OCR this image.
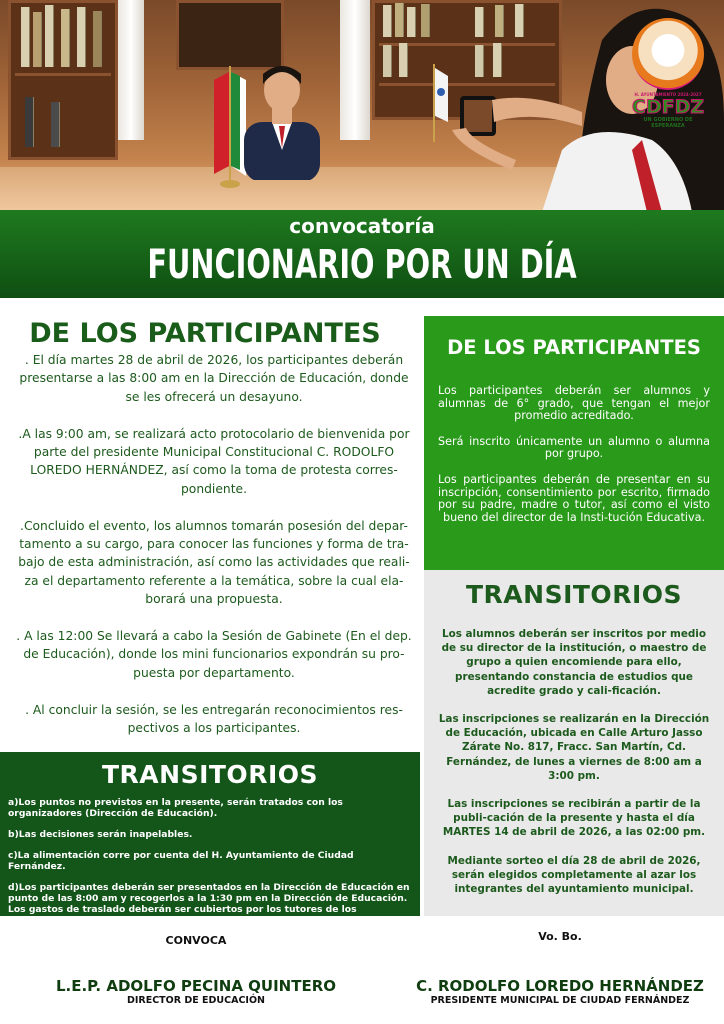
H. AYUNTAMIENTO 2024-2027
CDFDZ
UN GOBIERNO DE ESPERANZA
convocatoría
FUNCIONARIO POR UN DÍA
DE LOS PARTICIPANTES

. El día martes 28 de abril de 2026, los participantes deberán presentarse a las 8:00 am en la Dirección de Educación, donde se les ofrecerá un desayuno.

.A las 9:00 am, se realizará acto protocolario de bienvenida por parte del presidente Municipal Constitucional C. RODOLFO LOREDO HERNÁNDEZ, así como la toma de protesta corres-pondiente.

.Concluido el evento, los alumnos tomarán posesión del depar-tamento a su cargo, para conocer las funciones y forma de tra-bajo de esta administración, así como las actividades que reali-za el departamento referente a la temática, sobre la cual ela-borará una propuesta.

. A las 12:00 Se llevará a cabo la Sesión de Gabinete (En el dep. de Educación), donde los mini funcionarios expondrán su pro-puesta por departamento.

. Al concluir la sesión, se les entregarán reconocimientos res-pectivos a los participantes.

TRANSITORIOS
a)Los puntos no previstos en la presente, serán tratados con los organizadores (Dirección de Educación).
b)Las decisiones serán inapelables.
c)La alimentación corre por cuenta del H. Ayuntamiento de Ciudad Fernández.
d)Los participantes deberán ser presentados en la Dirección de Educación en punto de las 8:00 am y recogerlos a la 1:30 pm en la Dirección de Educación. Los gastos de traslado deberán ser cubiertos por los tutores de los participantes.
DE LOS PARTICIPANTES

Los participantes deberán ser alumnos y alumnas de 6° grado, que tengan el mejor promedio acreditado.

Será inscrito únicamente un alumno o alumna por grupo.

Los participantes deberán de presentar en su inscripción, consentimiento por escrito, firmado por su padre, madre o tutor, así como el visto bueno del director de la Insti-tución Educativa.

TRANSITORIOS

Los alumnos deberán ser inscritos por medio de su director de la institución, o maestro de grupo a quien encomiende para ello, presentando constancia de estudios que acredite grado y cali-ficación.

Las inscripciones se realizarán en la Dirección de Educación, ubicada en Calle Arturo Jasso Zárate No. 817, Fracc. San Martín, Cd. Fernández, de lunes a viernes de 8:00 am a 3:00 pm.

Las inscripciones se recibirán a partir de la publi-cación de la presente y hasta el día MARTES 14 de abril de 2026, a las 02:00 pm.

Mediante sorteo el día 28 de abril de 2026, serán elegidos completamente al azar los integrantes del ayuntamiento municipal.

CONVOCA
L.E.P. ADOLFO PECINA QUINTERO
DIRECTOR DE EDUCACIÓN
Vo. Bo.
C. RODOLFO LOREDO HERNÁNDEZ
PRESIDENTE MUNICIPAL DE CIUDAD FERNÁNDEZ
